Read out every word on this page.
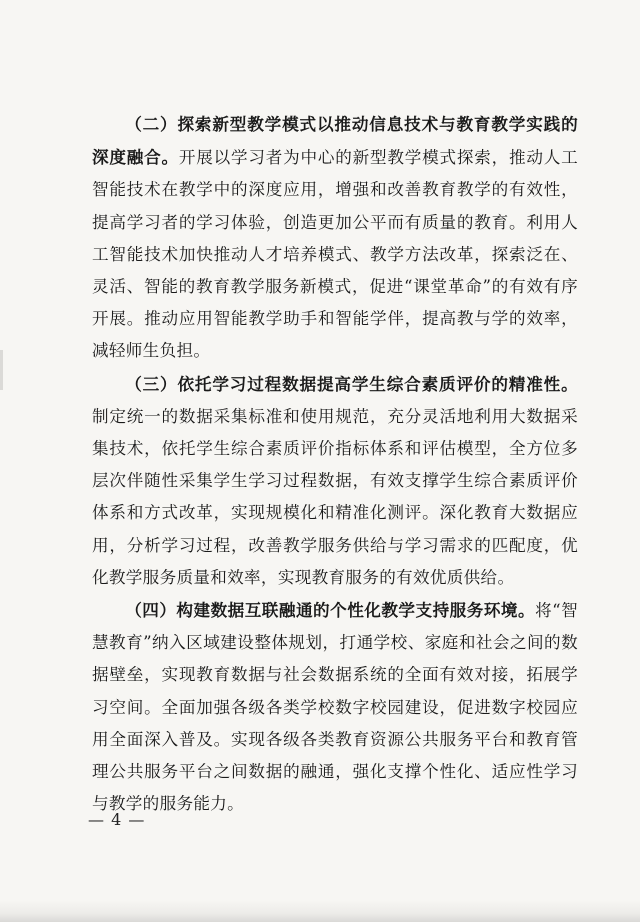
（二）探索新型教学模式以推动信息技术与教育教学实践的深度融合。开展以学习者为中心的新型教学模式探索，推动人工智能技术在教学中的深度应用，增强和改善教育教学的有效性，提高学习者的学习体验，创造更加公平而有质量的教育。利用人工智能技术加快推动人才培养模式、教学方法改革，探索泛在、灵活、智能的教育教学服务新模式，促进“课堂革命”的有效有序开展。推动应用智能教学助手和智能学伴，提高教与学的效率，减轻师生负担。

（三）依托学习过程数据提高学生综合素质评价的精准性。制定统一的数据采集标准和使用规范，充分灵活地利用大数据采集技术，依托学生综合素质评价指标体系和评估模型，全方位多层次伴随性采集学生学习过程数据，有效支撑学生综合素质评价体系和方式改革，实现规模化和精准化测评。深化教育大数据应用，分析学习过程，改善教学服务供给与学习需求的匹配度，优化教学服务质量和效率，实现教育服务的有效优质供给。

（四）构建数据互联融通的个性化教学支持服务环境。将“智慧教育”纳入区域建设整体规划，打通学校、家庭和社会之间的数据壁垒，实现教育数据与社会数据系统的全面有效对接，拓展学习空间。全面加强各级各类学校数字校园建设，促进数字校园应用全面深入普及。实现各级各类教育资源公共服务平台和教育管理公共服务平台之间数据的融通，强化支撑个性化、适应性学习与教学的服务能力。

— 4 —
